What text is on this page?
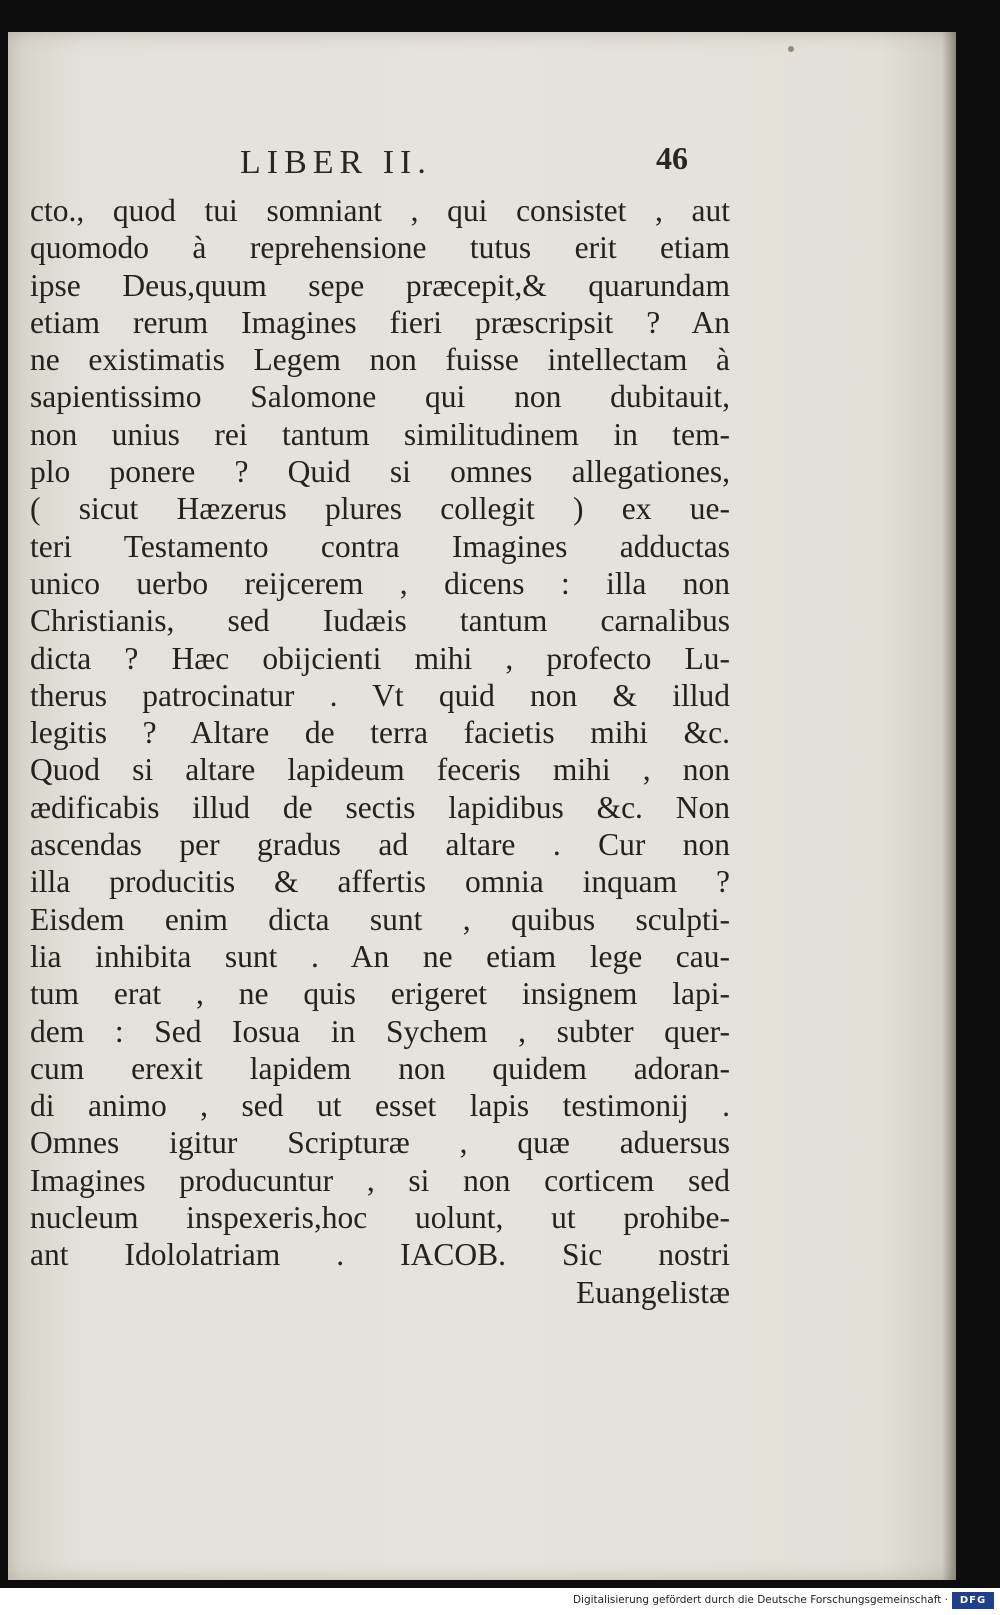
LIBER II.	46
cto., quod tui somniant , qui consistet , aut
quomodo à reprehensione tutus erit etiam
ipse Deus,quum sepe præcepit,& quarundam
etiam rerum Imagines fieri præscripsit ? An
ne existimatis Legem non fuisse intellectam à
sapientissimo Salomone qui non dubitauit,
non unius rei tantum similitudinem in tem-
plo ponere ? Quid si omnes allegationes,
( sicut Hæzerus plures collegit ) ex ue-
teri Testamento contra Imagines adductas
unico uerbo reijcerem , dicens : illa non
Christianis, sed Iudæis tantum carnalibus
dicta ? Hæc obijcienti mihi , profecto Lu-
therus patrocinatur . Vt quid non & illud
legitis ? Altare de terra facietis mihi &c.
Quod si altare lapideum feceris mihi , non
ædificabis illud de sectis lapidibus &c. Non
ascendas per gradus ad altare . Cur non
illa producitis & affertis omnia inquam ?
Eisdem enim dicta sunt , quibus sculpti-
lia inhibita sunt . An ne etiam lege cau-
tum erat , ne quis erigeret insignem lapi-
dem : Sed Iosua in Sychem , subter quer-
cum erexit lapidem non quidem adoran-
di animo , sed ut esset lapis testimonij .
Omnes igitur Scripturæ , quæ aduersus
Imagines producuntur , si non corticem sed
nucleum inspexeris,hoc uolunt, ut prohibe-
ant Idololatriam . IACOB. Sic nostri
Euangelistæ
Digitalisierung gefördert durch die Deutsche Forschungsgemeinschaft ·	DFG
